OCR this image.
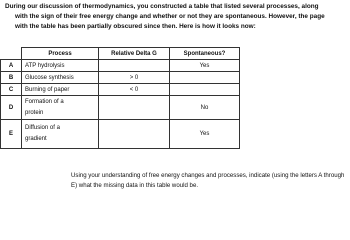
During our discussion of thermodynamics, you constructed a table that listed several processes, along
with the sign of their free energy change and whether or not they are spontaneous. However, the page
with the table has been partially obscured since then. Here is how it looks now:
	Process	Relative Delta G	Spontaneous?
A	ATP hydrolysis		Yes
B	Glucose synthesis	> 0	
C	Burning of paper	< 0	
D	Formation of a
protein		No
E	Diffusion of a
gradient		Yes
Using your understanding of free energy changes and processes, indicate (using the letters A through E) what the missing data in this table would be.
